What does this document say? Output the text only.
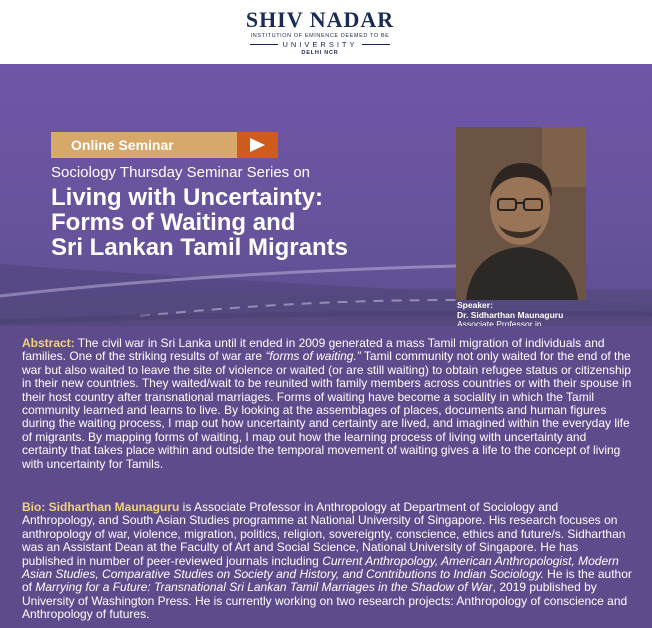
SHIV NADAR
INSTITUTION OF EMINENCE DEEMED TO BE
UNIVERSITY
DELHI NCR
Online Seminar
Sociology Thursday Seminar Series on
Living with Uncertainty:
Forms of Waiting and
Sri Lankan Tamil Migrants
Speaker:
Dr. Sidharthan Maunaguru
Associate Professor in

Abstract: The civil war in Sri Lanka until it ended in 2009 generated a mass Tamil migration of individuals and families. One of the striking results of war are “forms of waiting.” Tamil community not only waited for the end of the war but also waited to leave the site of violence or waited (or are still waiting) to obtain refugee status or citizenship in their new countries. They waited/wait to be reunited with family members across countries or with their spouse in their host country after transnational marriages. Forms of waiting have become a sociality in which the Tamil community learned and learns to live. By looking at the assemblages of places, documents and human figures during the waiting process, I map out how uncertainty and certainty are lived, and imagined within the everyday life of migrants. By mapping forms of waiting, I map out how the learning process of living with uncertainty and certainty that takes place within and outside the temporal movement of waiting gives a life to the concept of living with uncertainty for Tamils.

Bio: Sidharthan Maunaguru is Associate Professor in Anthropology at Department of Sociology and Anthropology, and South Asian Studies programme at National University of Singapore. His research focuses on anthropology of war, violence, migration, politics, religion, sovereignty, conscience, ethics and future/s. Sidharthan was an Assistant Dean at the Faculty of Art and Social Science, National University of Singapore. He has published in number of peer-reviewed journals including Current Anthropology, American Anthropologist, Modern Asian Studies, Comparative Studies on Society and History, and Contributions to Indian Sociology. He is the author of Marrying for a Future: Transnational Sri Lankan Tamil Marriages in the Shadow of War, 2019 published by University of Washington Press. He is currently working on two research projects: Anthropology of conscience and Anthropology of futures.
